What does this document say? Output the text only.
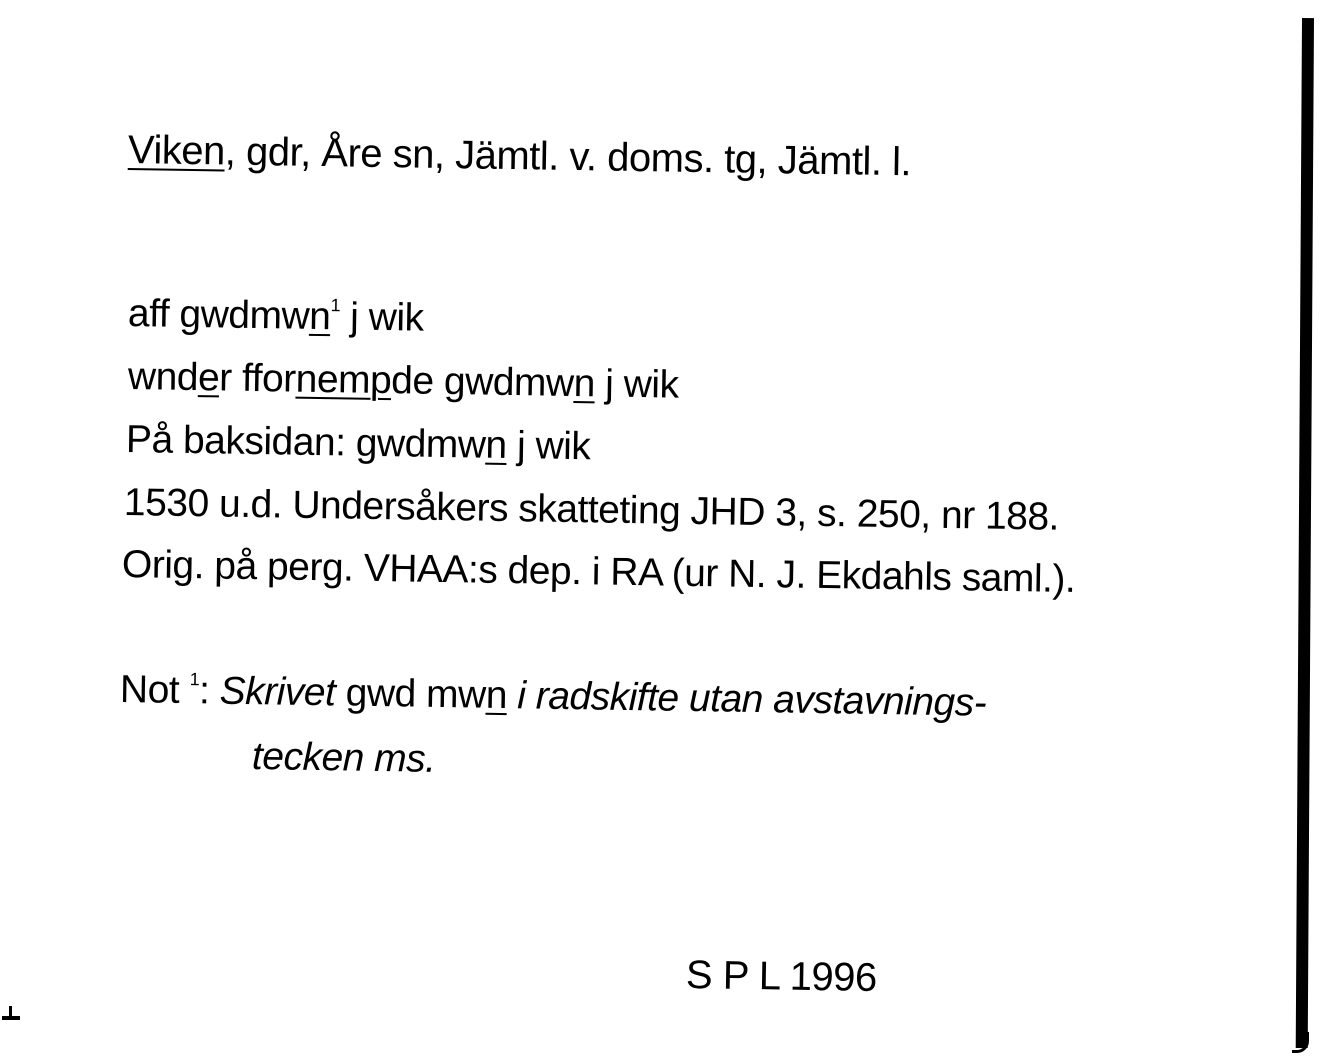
Viken, gdr, Åre sn, Jämtl. v. doms. tg, Jämtl. l.
aff gwdmwn$^1$ j wik
wnder ffornempde gwdmwn j wik
På baksidan: gwdmwn j wik
1530 u.d. Undersåkers skatteting JHD 3, s. 250, nr 188.
Orig. på perg. VHAA:s dep. i RA (ur N. J. Ekdahls saml.).
Not $^1$: Skrivet gwd mwn i radskifte utan avstavnings-
tecken ms.
S P L 1996
